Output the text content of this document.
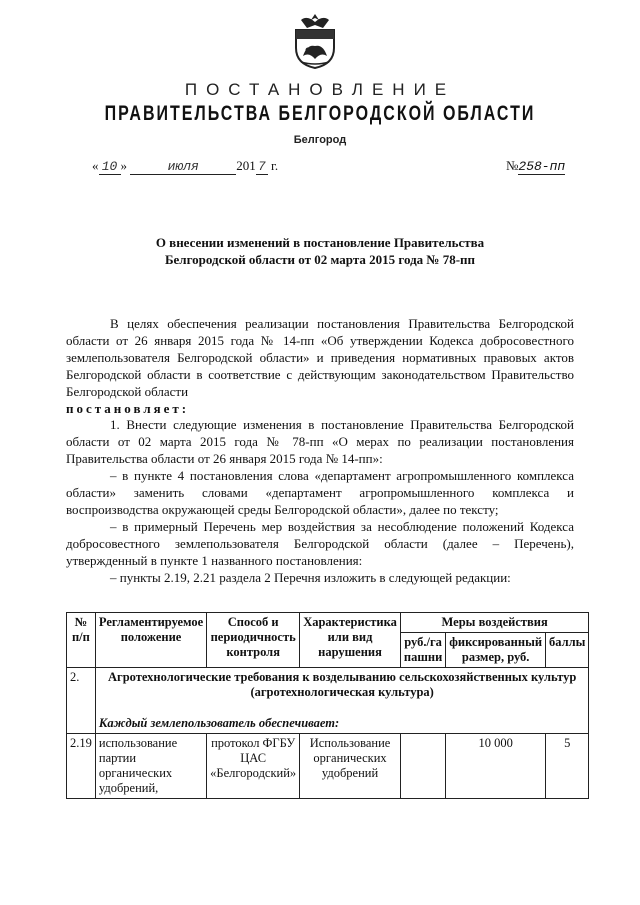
ПОСТАНОВЛЕНИЕ
ПРАВИТЕЛЬСТВА БЕЛГОРОДСКОЙ ОБЛАСТИ
Белгород
« 10 »	июля	201 7 г.	№258-пп
О внесении изменений в постановление Правительства
Белгородской области от 02 марта 2015 года № 78-пп

В целях обеспечения реализации постановления Правительства Белгородской области от 26 января 2015 года № 14-пп «Об утверждении Кодекса добросовестного землепользователя Белгородской области» и приведения нормативных правовых актов Белгородской области в соответствие с действующим законодательством Правительство Белгородской области

постановляет:

1. Внести следующие изменения в постановление Правительства Белгородской области от 02 марта 2015 года № 78-пп «О мерах по реализации постановления Правительства области от 26 января 2015 года № 14-пп»:

– в пункте 4 постановления слова «департамент агропромышленного комплекса области» заменить словами «департамент агропромышленного комплекса и воспроизводства окружающей среды Белгородской области», далее по тексту;

– в примерный Перечень мер воздействия за несоблюдение положений Кодекса добросовестного землепользователя Белгородской области (далее – Перечень), утвержденный в пункте 1 названного постановления:

– пункты 2.19, 2.21 раздела 2 Перечня изложить в следующей редакции:

№ п/п	Регламентируемое положение	Способ и периодичность контроля	Характеристика или вид нарушения	Меры воздействия		
				руб./га пашни	фиксированный размер, руб.	баллы
2.	Агротехнологические требования к возделыванию сельскохозяйственных культур (агротехнологическая культура)
Каждый землепользователь обеспечивает:					

2.19	использование партии органических удобрений,	протокол ФГБУ ЦАС «Белгородский»	Использование органических удобрений		10 000	5
